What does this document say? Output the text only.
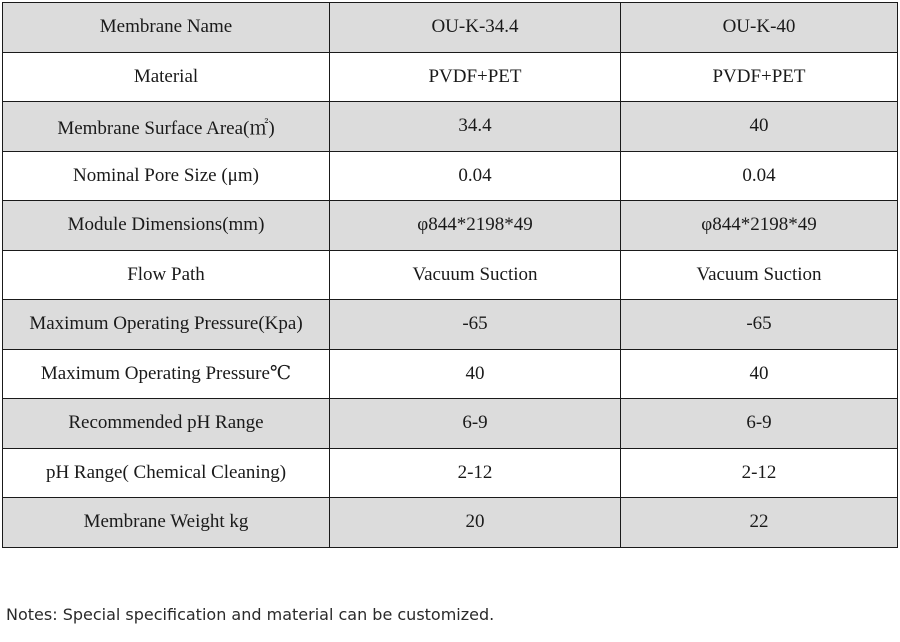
Membrane Name	OU-K-34.4	OU-K-40
Material	PVDF+PET	PVDF+PET
Membrane Surface Area(㎡)	34.4	40
Nominal Pore Size (μm)	0.04	0.04
Module Dimensions(mm)	φ844*2198*49	φ844*2198*49
Flow Path	Vacuum Suction	Vacuum Suction
Maximum Operating Pressure(Kpa)	-65	-65
Maximum Operating Pressure℃	40	40
Recommended pH Range	6-9	6-9
pH Range( Chemical Cleaning)	2-12	2-12
Membrane Weight kg	20	22
Notes: Special specification and material can be customized.
